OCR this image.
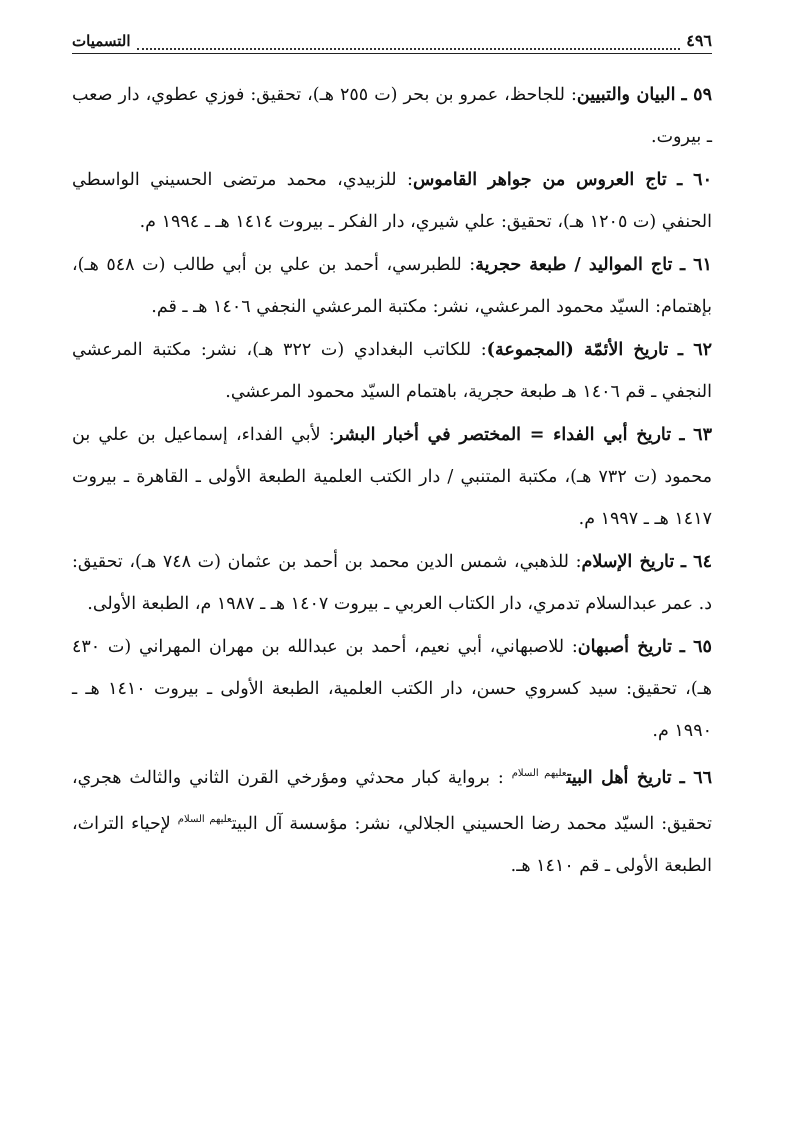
٤٩٦
التسميات

٥٩ ـ البيان والتبيين: للجاحظ، عمرو بن بحر (ت ٢٥٥ هـ)، تحقيق: فوزي عطوي، دار صعب ـ بيروت.

٦٠ ـ تاج العروس من جواهر القاموس: للزبيدي، محمد مرتضى الحسيني الواسطي الحنفي (ت ١٢٠٥ هـ)، تحقيق: علي شيري، دار الفكر ـ بيروت ١٤١٤ هـ ـ ١٩٩٤ م.

٦١ ـ تاج المواليد / طبعة حجرية: للطبرسي، أحمد بن علي بن أبي طالب (ت ٥٤٨ هـ)، بإهتمام: السيّد محمود المرعشي، نشر: مكتبة المرعشي النجفي ١٤٠٦ هـ ـ قم.

٦٢ ـ تاريخ الأئمّة (المجموعة): للكاتب البغدادي (ت ٣٢٢ هـ)، نشر: مكتبة المرعشي النجفي ـ قم ١٤٠٦ هـ طبعة حجرية، باهتمام السيّد محمود المرعشي.

٦٣ ـ تاريخ أبي الفداء = المختصر في أخبار البشر: لأبي الفداء، إسماعيل بن علي بن محمود (ت ٧٣٢ هـ)، مكتبة المتنبي / دار الكتب العلمية الطبعة الأولى ـ القاهرة ـ بيروت ١٤١٧ هـ ـ ١٩٩٧ م.

٦٤ ـ تاريخ الإسلام: للذهبي، شمس الدين محمد بن أحمد بن عثمان (ت ٧٤٨ هـ)، تحقيق: د. عمر عبدالسلام تدمري، دار الكتاب العربي ـ بيروت ١٤٠٧ هـ ـ ١٩٨٧ م، الطبعة الأولى.

٦٥ ـ تاريخ أصبهان: للاصبهاني، أبي نعيم، أحمد بن عبدالله بن مهران المهراني (ت ٤٣٠ هـ)، تحقيق: سيد كسروي حسن، دار الكتب العلمية، الطبعة الأولى ـ بيروت ١٤١٠ هـ ـ ١٩٩٠ م.

٦٦ ـ تاريخ أهل البيت$^{عليهم السلام}$ : برواية كبار محدثي ومؤرخي القرن الثاني والثالث هجري، تحقيق: السيّد محمد رضا الحسيني الجلالي، نشر: مؤسسة آل البيت$^{عليهم السلام}$ لإحياء التراث، الطبعة الأولى ـ قم ١٤١٠ هـ.
